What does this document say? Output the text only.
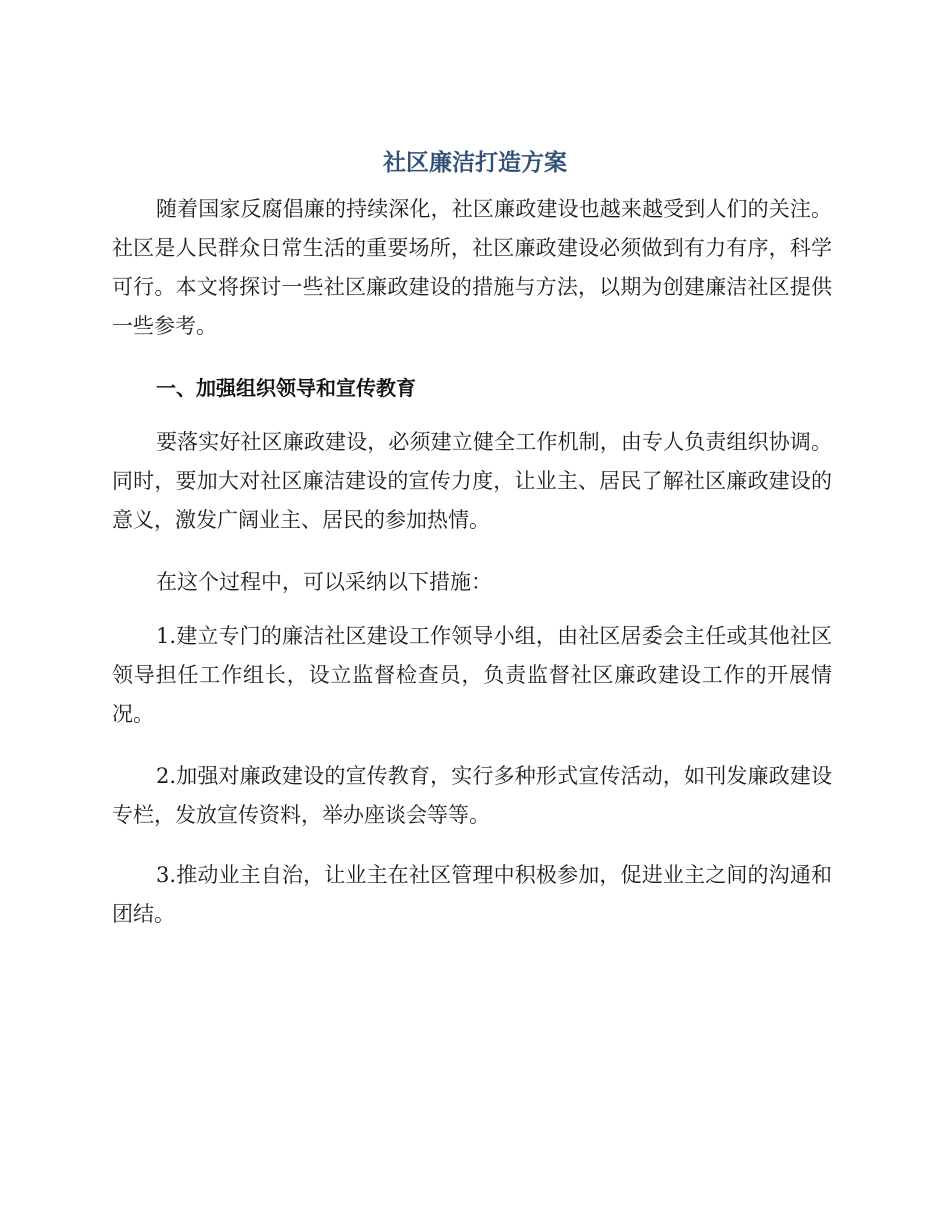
社区廉洁打造方案

随着国家反腐倡廉的持续深化，社区廉政建设也越来越受到人们的关注。社区是人民群众日常生活的重要场所，社区廉政建设必须做到有力有序，科学可行。本文将探讨一些社区廉政建设的措施与方法，以期为创建廉洁社区提供一些参考。

一、加强组织领导和宣传教育

要落实好社区廉政建设，必须建立健全工作机制，由专人负责组织协调。同时，要加大对社区廉洁建设的宣传力度，让业主、居民了解社区廉政建设的意义，激发广阔业主、居民的参加热情。

在这个过程中，可以采纳以下措施：

1.建立专门的廉洁社区建设工作领导小组，由社区居委会主任或其他社区领导担任工作组长，设立监督检查员，负责监督社区廉政建设工作的开展情况。

2.加强对廉政建设的宣传教育，实行多种形式宣传活动，如刊发廉政建设专栏，发放宣传资料，举办座谈会等等。

3.推动业主自治，让业主在社区管理中积极参加，促进业主之间的沟通和团结。
